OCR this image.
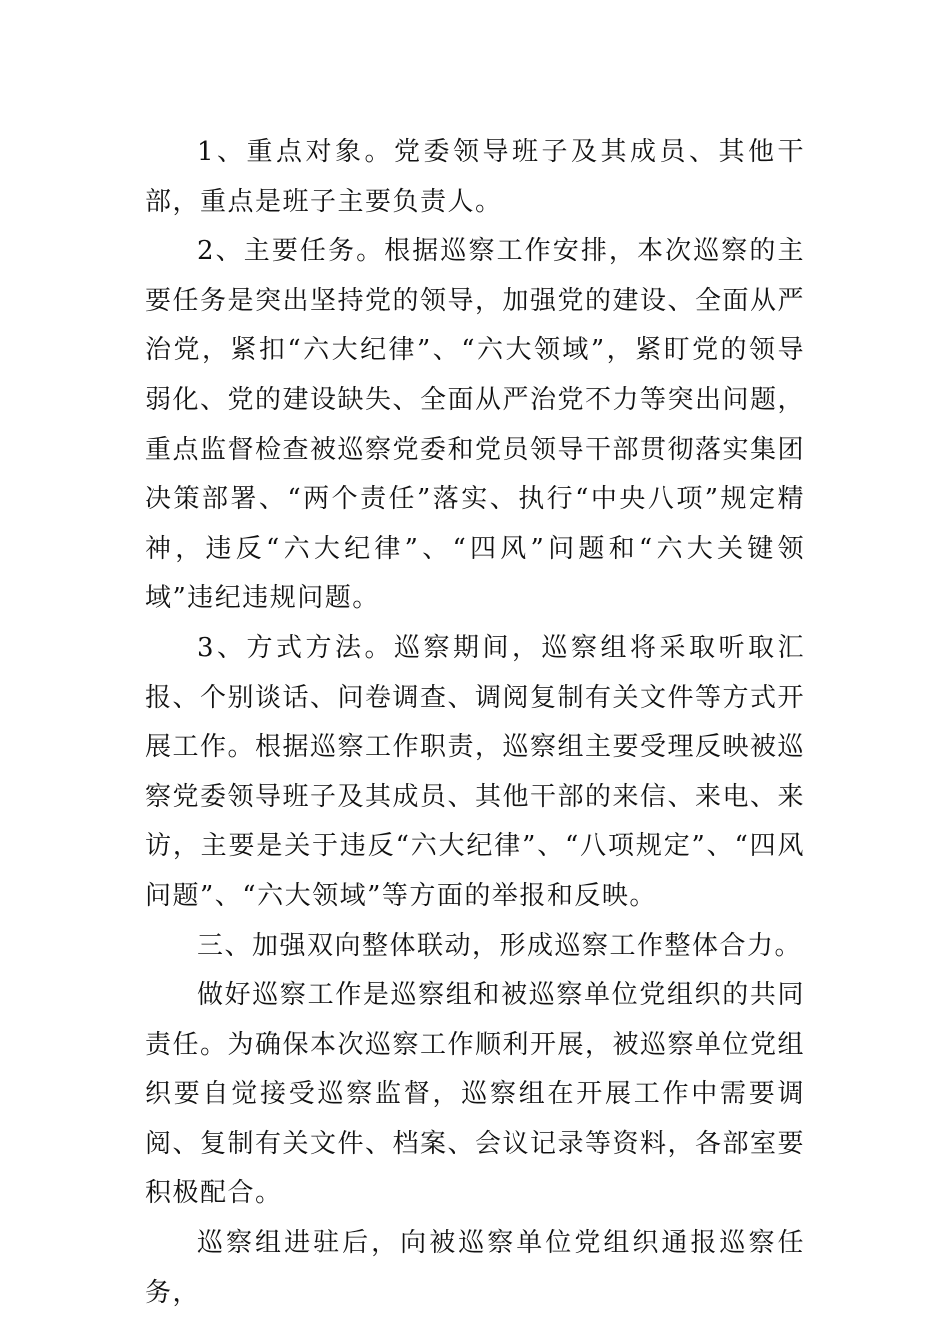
1、重点对象。党委领导班子及其成员、其他干部，重点是班子主要负责人。

2、主要任务。根据巡察工作安排，本次巡察的主要任务是突出坚持党的领导，加强党的建设、全面从严治党，紧扣“六大纪律”、“六大领域”，紧盯党的领导弱化、党的建设缺失、全面从严治党不力等突出问题，重点监督检查被巡察党委和党员领导干部贯彻落实集团决策部署、“两个责任”落实、执行“中央八项”规定精神，违反“六大纪律”、“四风”问题和“六大关键领域”违纪违规问题。

3、方式方法。巡察期间，巡察组将采取听取汇报、个别谈话、问卷调查、调阅复制有关文件等方式开展工作。根据巡察工作职责，巡察组主要受理反映被巡察党委领导班子及其成员、其他干部的来信、来电、来访，主要是关于违反“六大纪律”、“八项规定”、“四风问题”、“六大领域”等方面的举报和反映。

三、加强双向整体联动，形成巡察工作整体合力。

做好巡察工作是巡察组和被巡察单位党组织的共同责任。为确保本次巡察工作顺利开展，被巡察单位党组织要自觉接受巡察监督，巡察组在开展工作中需要调阅、复制有关文件、档案、会议记录等资料，各部室要积极配合。

巡察组进驻后，向被巡察单位党组织通报巡察任务，
